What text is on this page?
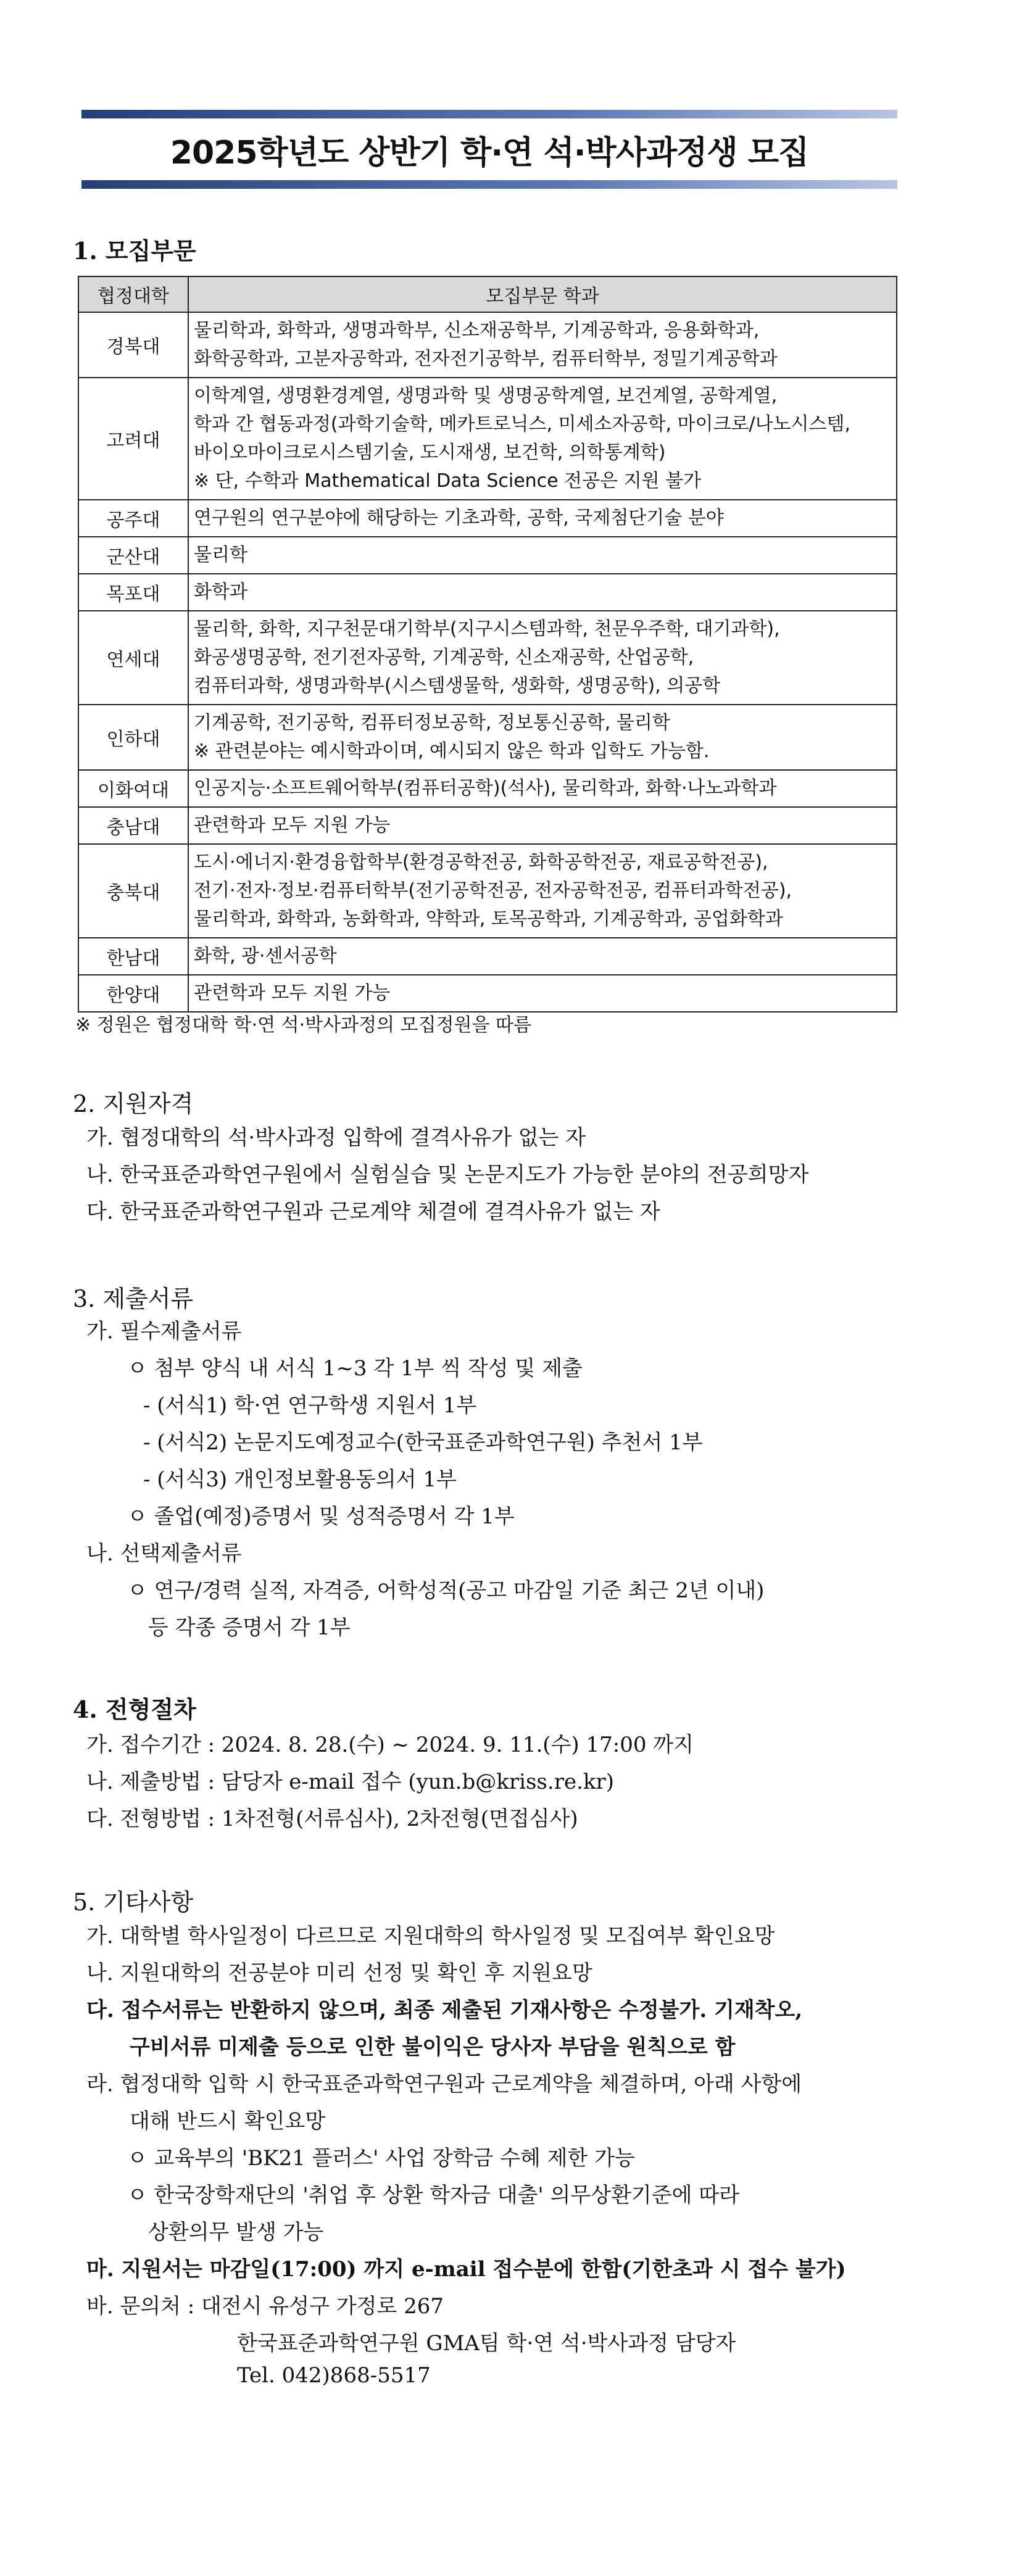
2025학년도 상반기 학·연 석·박사과정생 모집
1. 모집부문
협정대학	모집부문 학과
경북대	물리학과, 화학과, 생명과학부, 신소재공학부, 기계공학과, 응용화학과,
화학공학과, 고분자공학과, 전자전기공학부, 컴퓨터학부, 정밀기계공학과

고려대	이학계열, 생명환경계열, 생명과학 및 생명공학계열, 보건계열, 공학계열,
학과 간 협동과정(과학기술학, 메카트로닉스, 미세소자공학, 마이크로/나노시스템,
바이오마이크로시스템기술, 도시재생, 보건학, 의학통계학)
※ 단, 수학과 Mathematical Data Science 전공은 지원 불가

공주대	연구원의 연구분야에 해당하는 기초과학, 공학, 국제첨단기술 분야

군산대	물리학

목포대	화학과

연세대	물리학, 화학, 지구천문대기학부(지구시스템과학, 천문우주학, 대기과학),
화공생명공학, 전기전자공학, 기계공학, 신소재공학, 산업공학,
컴퓨터과학, 생명과학부(시스템생물학, 생화학, 생명공학), 의공학

인하대	기계공학, 전기공학, 컴퓨터정보공학, 정보통신공학, 물리학
※ 관련분야는 예시학과이며, 예시되지 않은 학과 입학도 가능함.

이화여대	인공지능·소프트웨어학부(컴퓨터공학)(석사), 물리학과, 화학·나노과학과

충남대	관련학과 모두 지원 가능

충북대	도시·에너지·환경융합학부(환경공학전공, 화학공학전공, 재료공학전공),
전기·전자·정보·컴퓨터학부(전기공학전공, 전자공학전공, 컴퓨터과학전공),
물리학과, 화학과, 농화학과, 약학과, 토목공학과, 기계공학과, 공업화학과

한남대	화학, 광·센서공학

한양대	관련학과 모두 지원 가능
※ 정원은 협정대학 학·연 석·박사과정의 모집정원을 따름
2. 지원자격
가. 협정대학의 석·박사과정 입학에 결격사유가 없는 자
나. 한국표준과학연구원에서 실험실습 및 논문지도가 가능한 분야의 전공희망자
다. 한국표준과학연구원과 근로계약 체결에 결격사유가 없는 자
3. 제출서류
가. 필수제출서류
ㅇ 첨부 양식 내 서식 1~3 각 1부 씩 작성 및 제출
- (서식1) 학·연 연구학생 지원서 1부
- (서식2) 논문지도예정교수(한국표준과학연구원) 추천서 1부
- (서식3) 개인정보활용동의서 1부
ㅇ 졸업(예정)증명서 및 성적증명서 각 1부
나. 선택제출서류
ㅇ 연구/경력 실적, 자격증, 어학성적(공고 마감일 기준 최근 2년 이내)
등 각종 증명서 각 1부
4. 전형절차
가. 접수기간 : 2024. 8. 28.(수) ~ 2024. 9. 11.(수) 17:00 까지
나. 제출방법 : 담당자 e-mail 접수 (yun.b@kriss.re.kr)
다. 전형방법 : 1차전형(서류심사), 2차전형(면접심사)
5. 기타사항
가. 대학별 학사일정이 다르므로 지원대학의 학사일정 및 모집여부 확인요망
나. 지원대학의 전공분야 미리 선정 및 확인 후 지원요망
다. 접수서류는 반환하지 않으며, 최종 제출된 기재사항은 수정불가. 기재착오,
구비서류 미제출 등으로 인한 불이익은 당사자 부담을 원칙으로 함
라. 협정대학 입학 시 한국표준과학연구원과 근로계약을 체결하며, 아래 사항에
대해 반드시 확인요망
ㅇ 교육부의 'BK21 플러스' 사업 장학금 수혜 제한 가능
ㅇ 한국장학재단의 '취업 후 상환 학자금 대출' 의무상환기준에 따라
상환의무 발생 가능
마. 지원서는 마감일(17:00) 까지 e-mail 접수분에 한함(기한초과 시 접수 불가)
바. 문의처 : 대전시 유성구 가정로 267
한국표준과학연구원 GMA팀 학·연 석·박사과정 담당자
Tel. 042)868-5517
